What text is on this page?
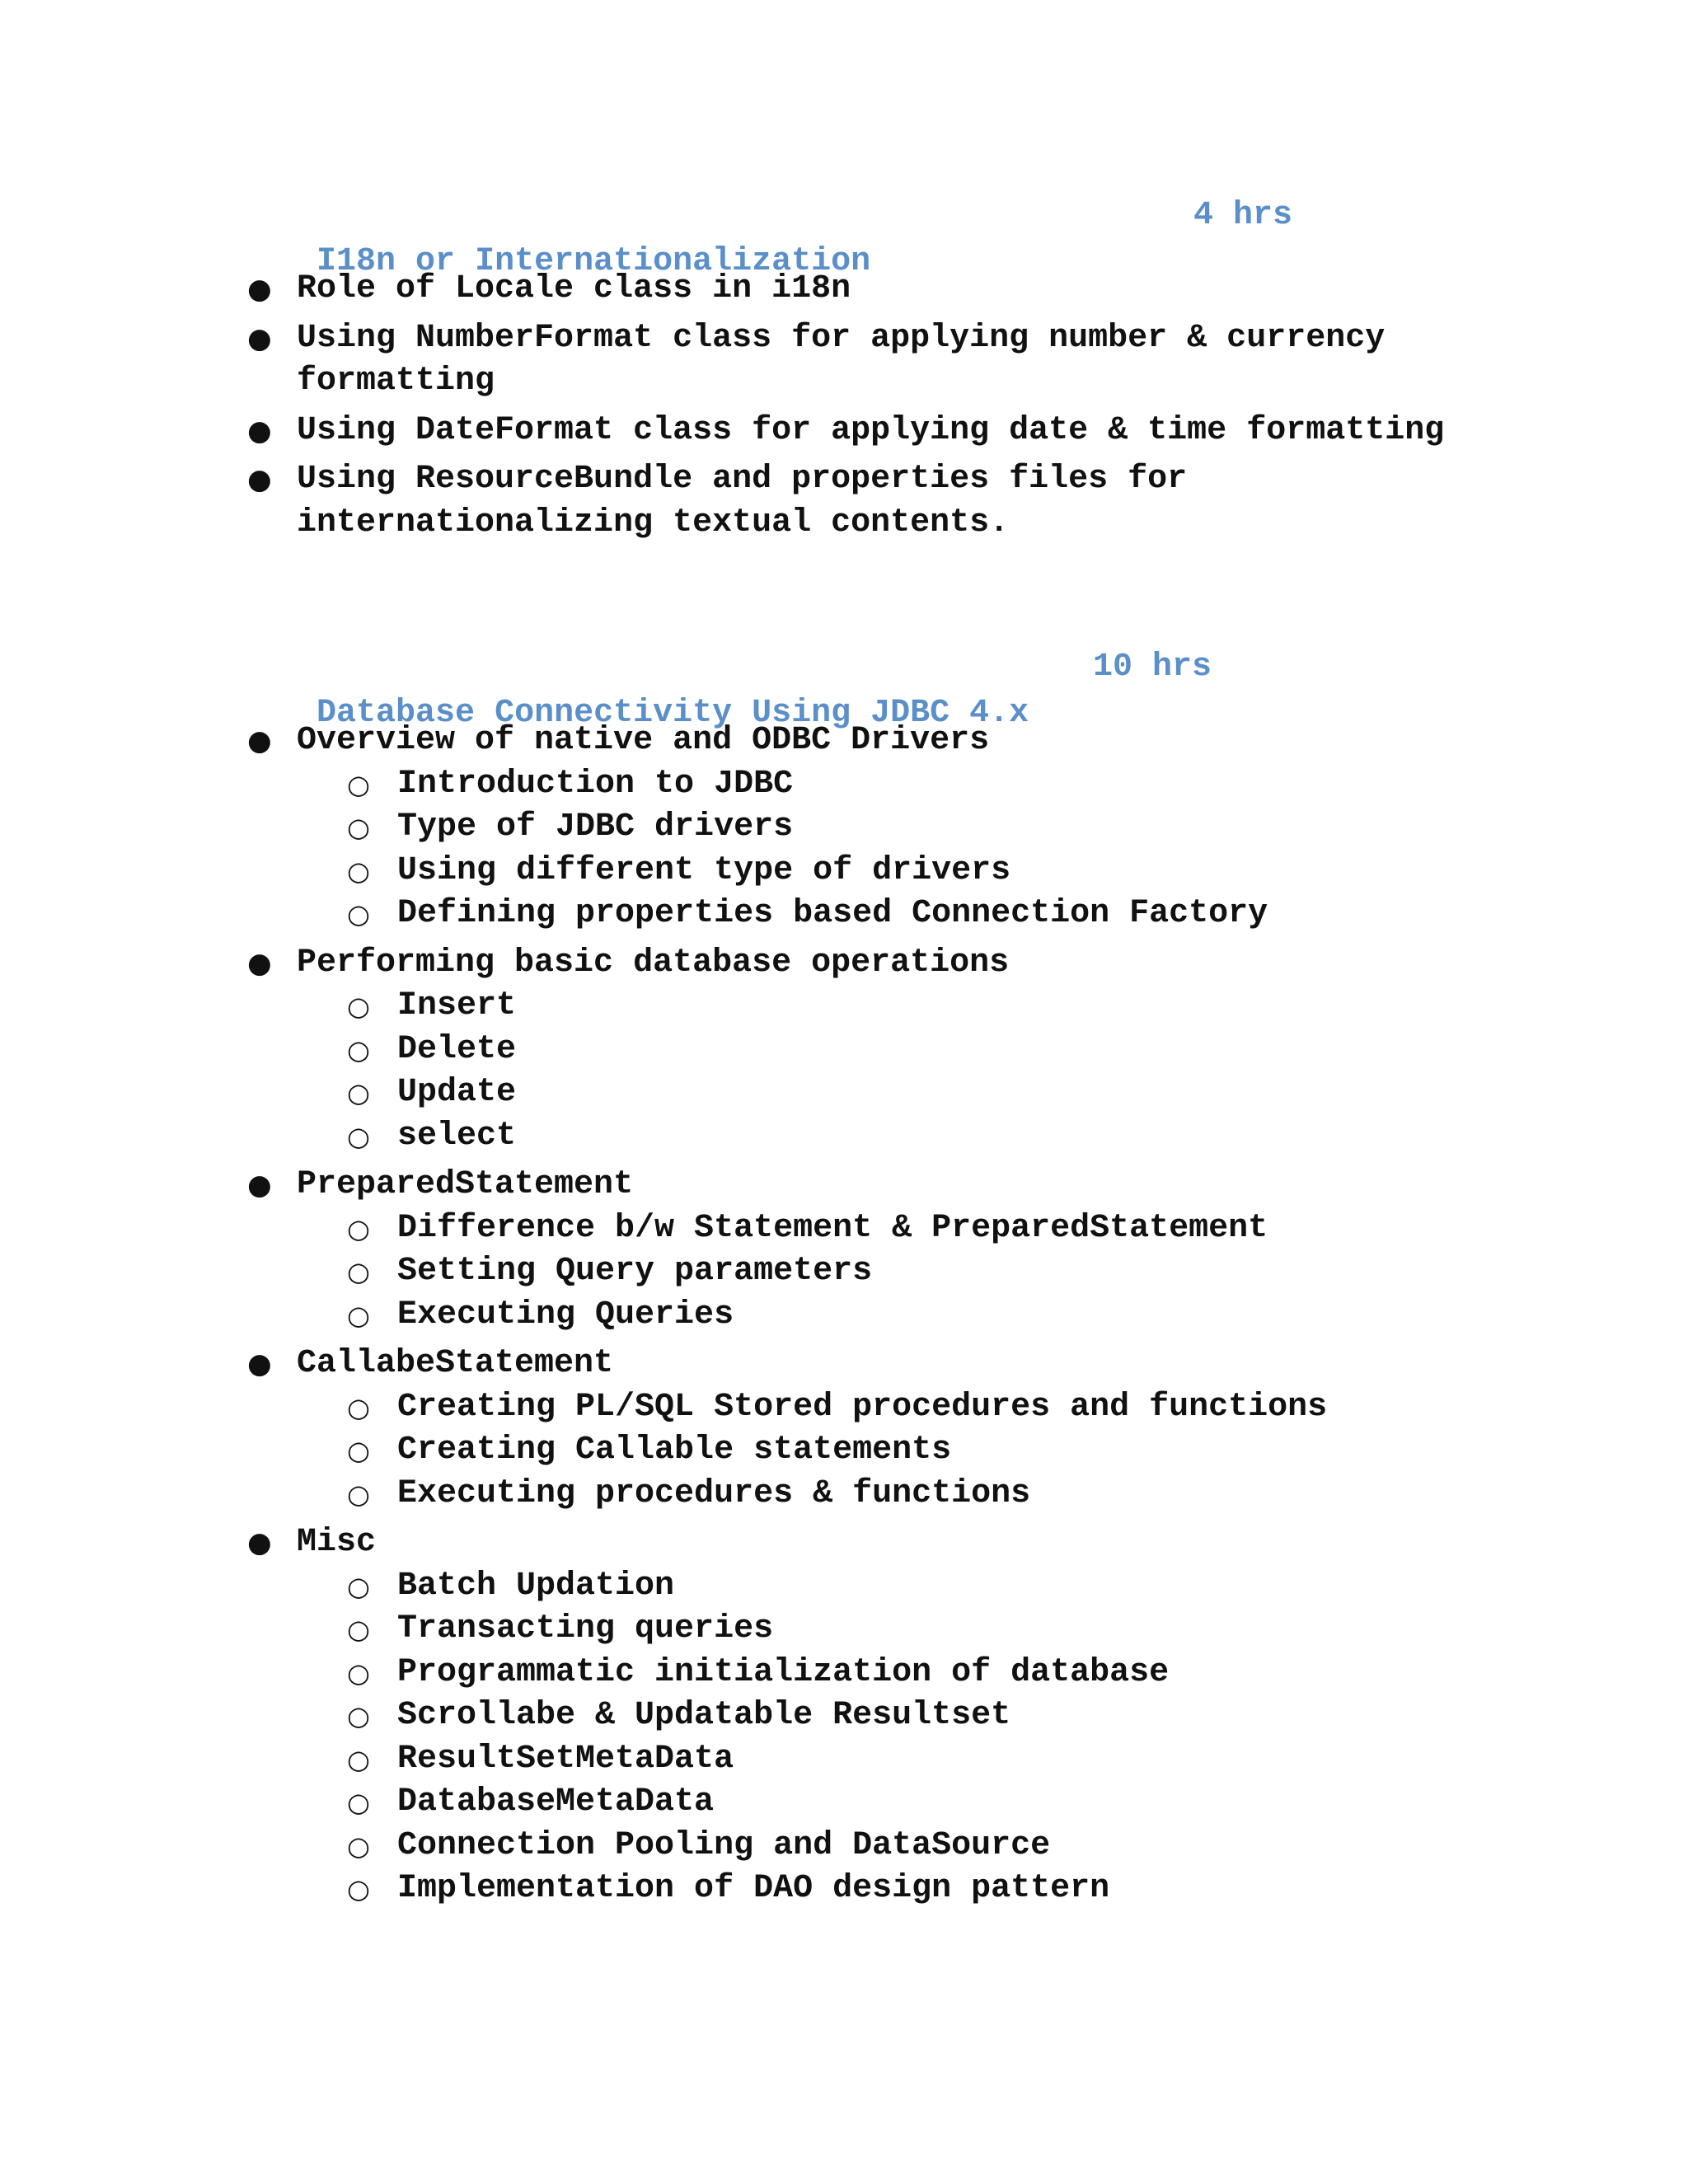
I18n or Internationalization

4 hrs

● Role of Locale class in i18n
● Using NumberFormat class for applying number & currency formatting
● Using DateFormat class for applying date & time formatting
● Using ResourceBundle and properties files for internationalizing textual contents.

Database Connectivity Using JDBC 4.x

10 hrs

● Overview of native and ODBC Drivers
○ Introduction to JDBC
○ Type of JDBC drivers
○ Using different type of drivers
○ Defining properties based Connection Factory
● Performing basic database operations
○ Insert
○ Delete
○ Update
○ select
● PreparedStatement
○ Difference b/w Statement & PreparedStatement
○ Setting Query parameters
○ Executing Queries
● CallabeStatement
○ Creating PL/SQL Stored procedures and functions
○ Creating Callable statements
○ Executing procedures & functions
● Misc
○ Batch Updation
○ Transacting queries
○ Programmatic initialization of database
○ Scrollabe & Updatable Resultset
○ ResultSetMetaData
○ DatabaseMetaData
○ Connection Pooling and DataSource
○ Implementation of DAO design pattern
